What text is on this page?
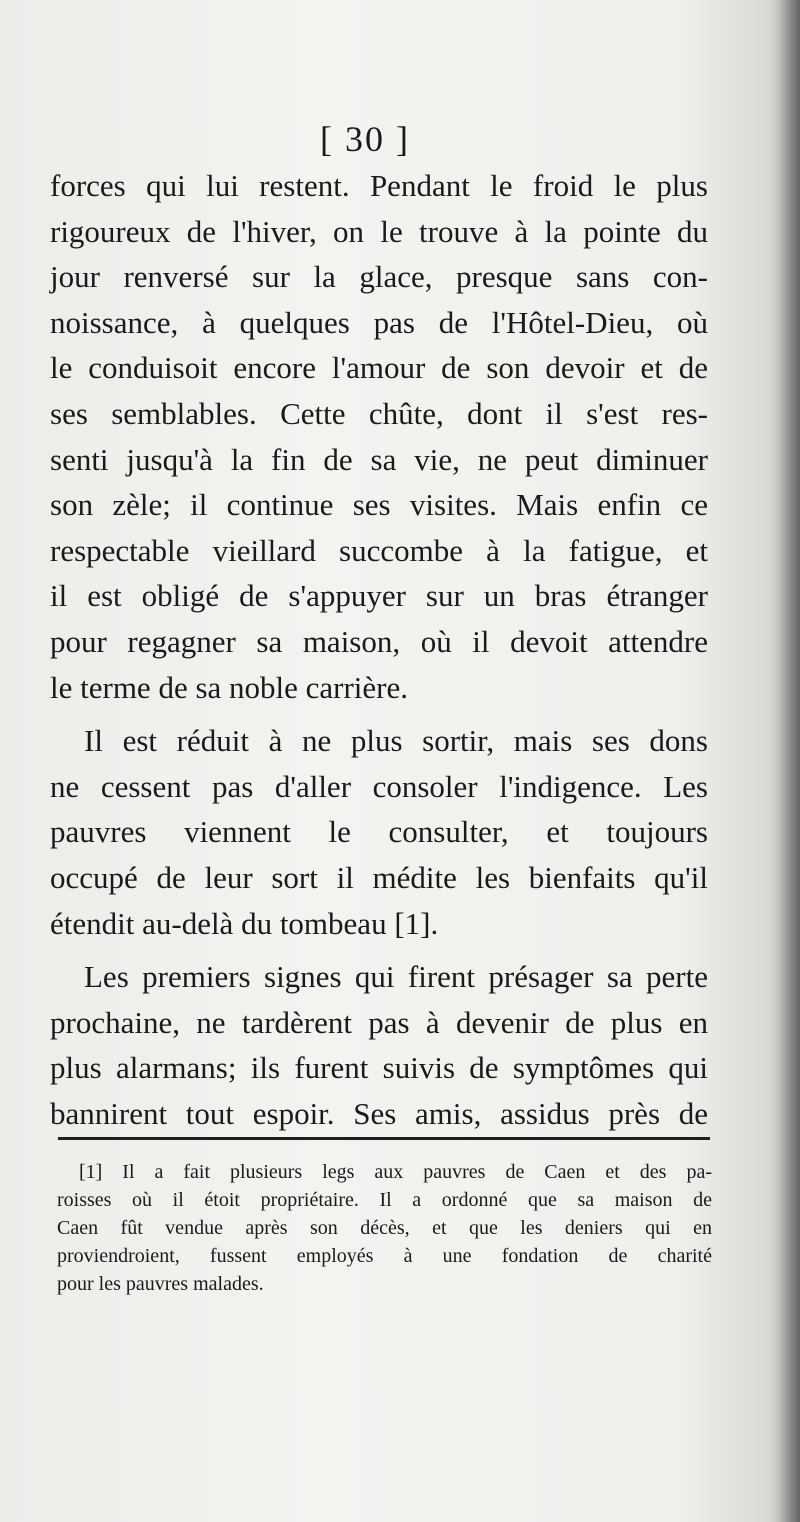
[ 30 ]
forces qui lui restent. Pendant le froid le plus
rigoureux de l'hiver, on le trouve à la pointe du
jour renversé sur la glace, presque sans con-
noissance, à quelques pas de l'Hôtel-Dieu, où
le conduisoit encore l'amour de son devoir et de
ses semblables. Cette chûte, dont il s'est res-
senti jusqu'à la fin de sa vie, ne peut diminuer
son zèle; il continue ses visites. Mais enfin ce
respectable vieillard succombe à la fatigue, et
il est obligé de s'appuyer sur un bras étranger
pour regagner sa maison, où il devoit attendre
le terme de sa noble carrière.
Il est réduit à ne plus sortir, mais ses dons
ne cessent pas d'aller consoler l'indigence. Les
pauvres viennent le consulter, et toujours
occupé de leur sort il médite les bienfaits qu'il
étendit au-delà du tombeau [1].
Les premiers signes qui firent présager sa perte
prochaine, ne tardèrent pas à devenir de plus en
plus alarmans; ils furent suivis de symptômes qui
bannirent tout espoir. Ses amis, assidus près de
[1] Il a fait plusieurs legs aux pauvres de Caen et des pa-
roisses où il étoit propriétaire. Il a ordonné que sa maison de
Caen fût vendue après son décès, et que les deniers qui en
proviendroient, fussent employés à une fondation de charité
pour les pauvres malades.
